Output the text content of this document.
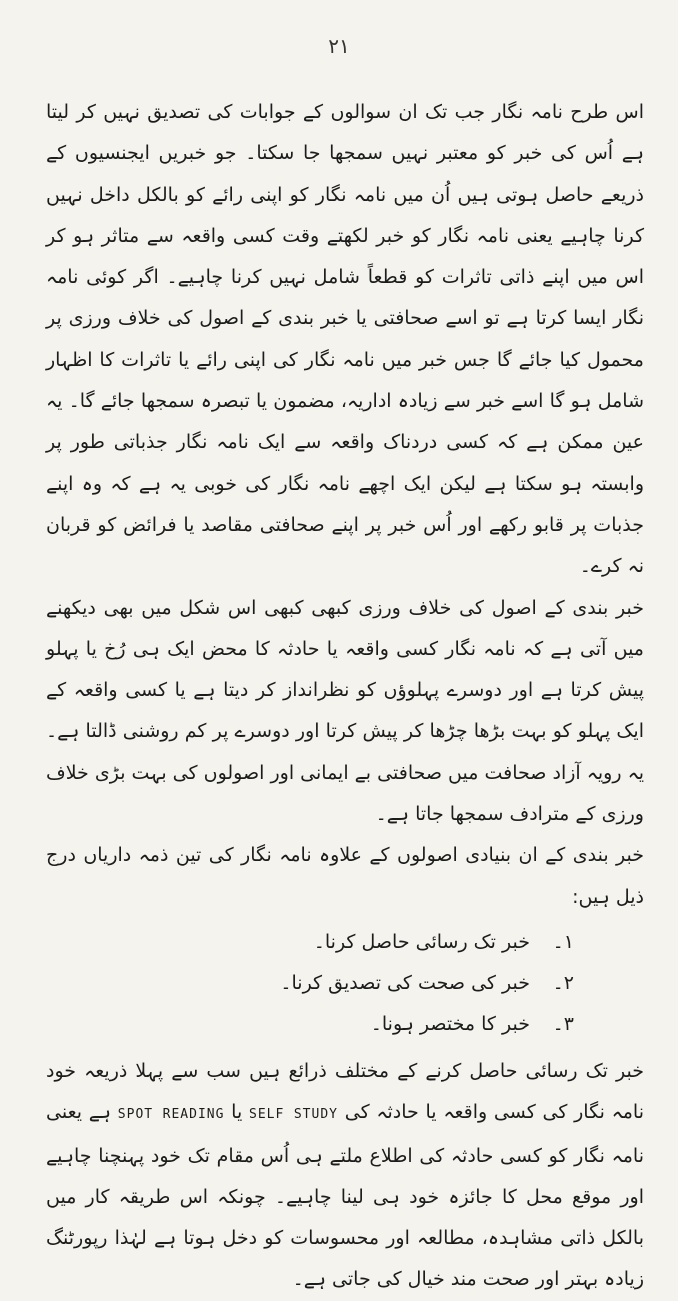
۲۱

اس طرح نامہ نگار جب تک ان سوالوں کے جوابات کی تصدیق نہیں کر لیتا ہے اُس کی خبر کو معتبر نہیں سمجھا جا سکتا۔ جو خبریں ایجنسیوں کے ذریعے حاصل ہوتی ہیں اُن میں نامہ نگار کو اپنی رائے کو بالکل داخل نہیں کرنا چاہیے یعنی نامہ نگار کو خبر لکھتے وقت کسی واقعہ سے متاثر ہو کر اس میں اپنے ذاتی تاثرات کو قطعاً شامل نہیں کرنا چاہیے۔ اگر کوئی نامہ نگار ایسا کرتا ہے تو اسے صحافتی یا خبر بندی کے اصول کی خلاف ورزی پر محمول کیا جائے گا جس خبر میں نامہ نگار کی اپنی رائے یا تاثرات کا اظہار شامل ہو گا اسے خبر سے زیادہ اداریہ، مضمون یا تبصرہ سمجھا جائے گا۔ یہ عین ممکن ہے کہ کسی دردناک واقعہ سے ایک نامہ نگار جذباتی طور پر وابستہ ہو سکتا ہے لیکن ایک اچھے نامہ نگار کی خوبی یہ ہے کہ وہ اپنے جذبات پر قابو رکھے اور اُس خبر پر اپنے صحافتی مقاصد یا فرائض کو قربان نہ کرے۔

خبر بندی کے اصول کی خلاف ورزی کبھی کبھی اس شکل میں بھی دیکھنے میں آتی ہے کہ نامہ نگار کسی واقعہ یا حادثہ کا محض ایک ہی رُخ یا پہلو پیش کرتا ہے اور دوسرے پہلوؤں کو نظرانداز کر دیتا ہے یا کسی واقعہ کے ایک پہلو کو بہت بڑھا چڑھا کر پیش کرتا اور دوسرے پر کم روشنی ڈالتا ہے۔ یہ رویہ آزاد صحافت میں صحافتی بے ایمانی اور اصولوں کی بہت بڑی خلاف ورزی کے مترادف سمجھا جاتا ہے۔

خبر بندی کے ان بنیادی اصولوں کے علاوہ نامہ نگار کی تین ذمہ داریاں درج ذیل ہیں:

١۔ خبر تک رسائی حاصل کرنا۔
۲۔ خبر کی صحت کی تصدیق کرنا۔
۳۔ خبر کا مختصر ہونا۔

خبر تک رسائی حاصل کرنے کے مختلف ذرائع ہیں سب سے پہلا ذریعہ خود نامہ نگار کی کسی واقعہ یا حادثہ کی SELF STUDY یا SPOT READING ہے یعنی نامہ نگار کو کسی حادثہ کی اطلاع ملتے ہی اُس مقام تک خود پہنچنا چاہیے اور موقع محل کا جائزہ خود ہی لینا چاہیے۔ چونکہ اس طریقہ کار میں بالکل ذاتی مشاہدہ، مطالعہ اور محسوسات کو دخل ہوتا ہے لہٰذا رپورٹنگ زیادہ بہتر اور صحت مند خیال کی جاتی ہے۔
